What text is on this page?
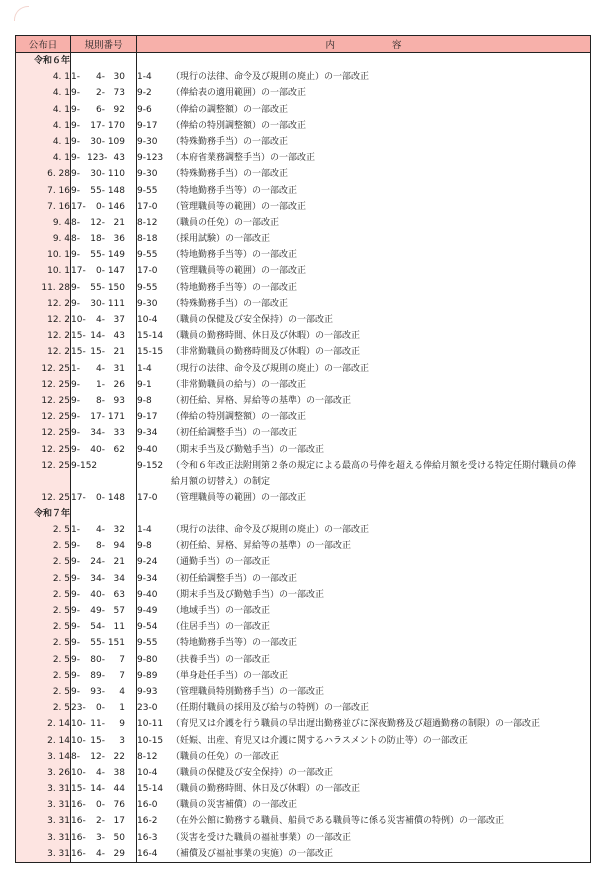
公布日	規則番号	内　　　　　　容
令和６年		
4. 1	1- 4- 30	1-4 （現行の法律、命令及び規則の廃止）の一部改正
4. 1	9- 2- 73	9-2 （俸給表の適用範囲）の一部改正
4. 1	9- 6- 92	9-6 （俸給の調整額）の一部改正
4. 1	9- 17- 170	9-17 （俸給の特別調整額）の一部改正
4. 1	9- 30- 109	9-30 （特殊勤務手当）の一部改正
4. 1	9- 123- 43	9-123 （本府省業務調整手当）の一部改正
6. 28	9- 30- 110	9-30 （特殊勤務手当）の一部改正
7. 16	9- 55- 148	9-55 （特地勤務手当等）の一部改正
7. 16	17- 0- 146	17-0 （管理職員等の範囲）の一部改正
9. 4	8- 12- 21	8-12 （職員の任免）の一部改正
9. 4	8- 18- 36	8-18 （採用試験）の一部改正
10. 1	9- 55- 149	9-55 （特地勤務手当等）の一部改正
10. 1	17- 0- 147	17-0 （管理職員等の範囲）の一部改正
11. 28	9- 55- 150	9-55 （特地勤務手当等）の一部改正
12. 2	9- 30- 111	9-30 （特殊勤務手当）の一部改正
12. 2	10- 4- 37	10-4 （職員の保健及び安全保持）の一部改正
12. 2	15- 14- 43	15-14 （職員の勤務時間、休日及び休暇）の一部改正
12. 2	15- 15- 21	15-15 （非常勤職員の勤務時間及び休暇）の一部改正
12. 25	1- 4- 31	1-4 （現行の法律、命令及び規則の廃止）の一部改正
12. 25	9- 1- 26	9-1 （非常勤職員の給与）の一部改正
12. 25	9- 8- 93	9-8 （初任給、昇格、昇給等の基準）の一部改正
12. 25	9- 17- 171	9-17 （俸給の特別調整額）の一部改正
12. 25	9- 34- 33	9-34 （初任給調整手当）の一部改正
12. 25	9- 40- 62	9-40 （期末手当及び勤勉手当）の一部改正
12. 25	9-152	9-152 （令和６年改正法附則第２条の規定による最高の号俸を超える俸給月額を受ける特定任期付職員の俸給月額の切替え）の制定
12. 25	17- 0- 148	17-0 （管理職員等の範囲）の一部改正
令和７年		
2. 5	1- 4- 32	1-4 （現行の法律、命令及び規則の廃止）の一部改正
2. 5	9- 8- 94	9-8 （初任給、昇格、昇給等の基準）の一部改正
2. 5	9- 24- 21	9-24 （通勤手当）の一部改正
2. 5	9- 34- 34	9-34 （初任給調整手当）の一部改正
2. 5	9- 40- 63	9-40 （期末手当及び勤勉手当）の一部改正
2. 5	9- 49- 57	9-49 （地域手当）の一部改正
2. 5	9- 54- 11	9-54 （住居手当）の一部改正
2. 5	9- 55- 151	9-55 （特地勤務手当等）の一部改正
2. 5	9- 80- 7	9-80 （扶養手当）の一部改正
2. 5	9- 89- 7	9-89 （単身赴任手当）の一部改正
2. 5	9- 93- 4	9-93 （管理職員特別勤務手当）の一部改正
2. 5	23- 0- 1	23-0 （任期付職員の採用及び給与の特例）の一部改正
2. 14	10- 11- 9	10-11 （育児又は介護を行う職員の早出遅出勤務並びに深夜勤務及び超過勤務の制限）の一部改正
2. 14	10- 15- 3	10-15 （妊娠、出産、育児又は介護に関するハラスメントの防止等）の一部改正
3. 14	8- 12- 22	8-12 （職員の任免）の一部改正
3. 26	10- 4- 38	10-4 （職員の保健及び安全保持）の一部改正
3. 31	15- 14- 44	15-14 （職員の勤務時間、休日及び休暇）の一部改正
3. 31	16- 0- 76	16-0 （職員の災害補償）の一部改正
3. 31	16- 2- 17	16-2 （在外公館に勤務する職員、船員である職員等に係る災害補償の特例）の一部改正
3. 31	16- 3- 50	16-3 （災害を受けた職員の福祉事業）の一部改正
3. 31	16- 4- 29	16-4 （補償及び福祉事業の実施）の一部改正
